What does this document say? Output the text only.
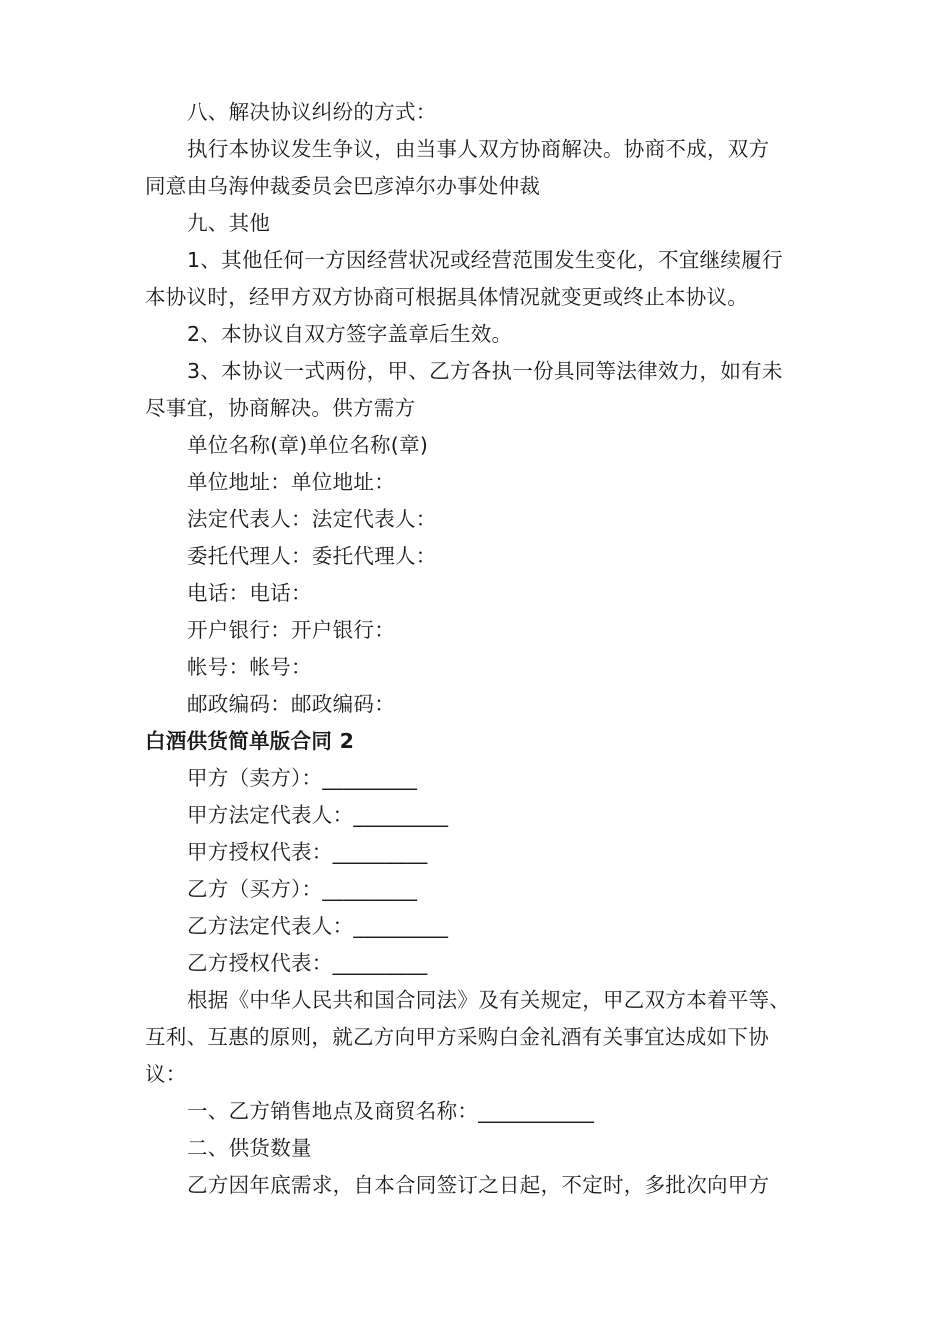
八、解决协议纠纷的方式：
执行本协议发生争议，由当事人双方协商解决。协商不成，双方
同意由乌海仲裁委员会巴彦淖尔办事处仲裁
九、其他
1、其他任何一方因经营状况或经营范围发生变化，不宜继续履行
本协议时，经甲方双方协商可根据具体情况就变更或终止本协议。
2、本协议自双方签字盖章后生效。
3、本协议一式两份，甲、乙方各执一份具同等法律效力，如有未
尽事宜，协商解决。供方需方
单位名称(章)单位名称(章)
单位地址：单位地址：
法定代表人：法定代表人：
委托代理人：委托代理人：
电话：电话：
开户银行：开户银行：
帐号：帐号：
邮政编码：邮政编码：
白酒供货简单版合同 2
甲方（卖方）：_________
甲方法定代表人：_________
甲方授权代表：_________
乙方（买方）：_________
乙方法定代表人：_________
乙方授权代表：_________
根据《中华人民共和国合同法》及有关规定，甲乙双方本着平等、
互利、互惠的原则，就乙方向甲方采购白金礼酒有关事宜达成如下协
议：
一、乙方销售地点及商贸名称：___________
二、供货数量
乙方因年底需求，自本合同签订之日起，不定时，多批次向甲方
